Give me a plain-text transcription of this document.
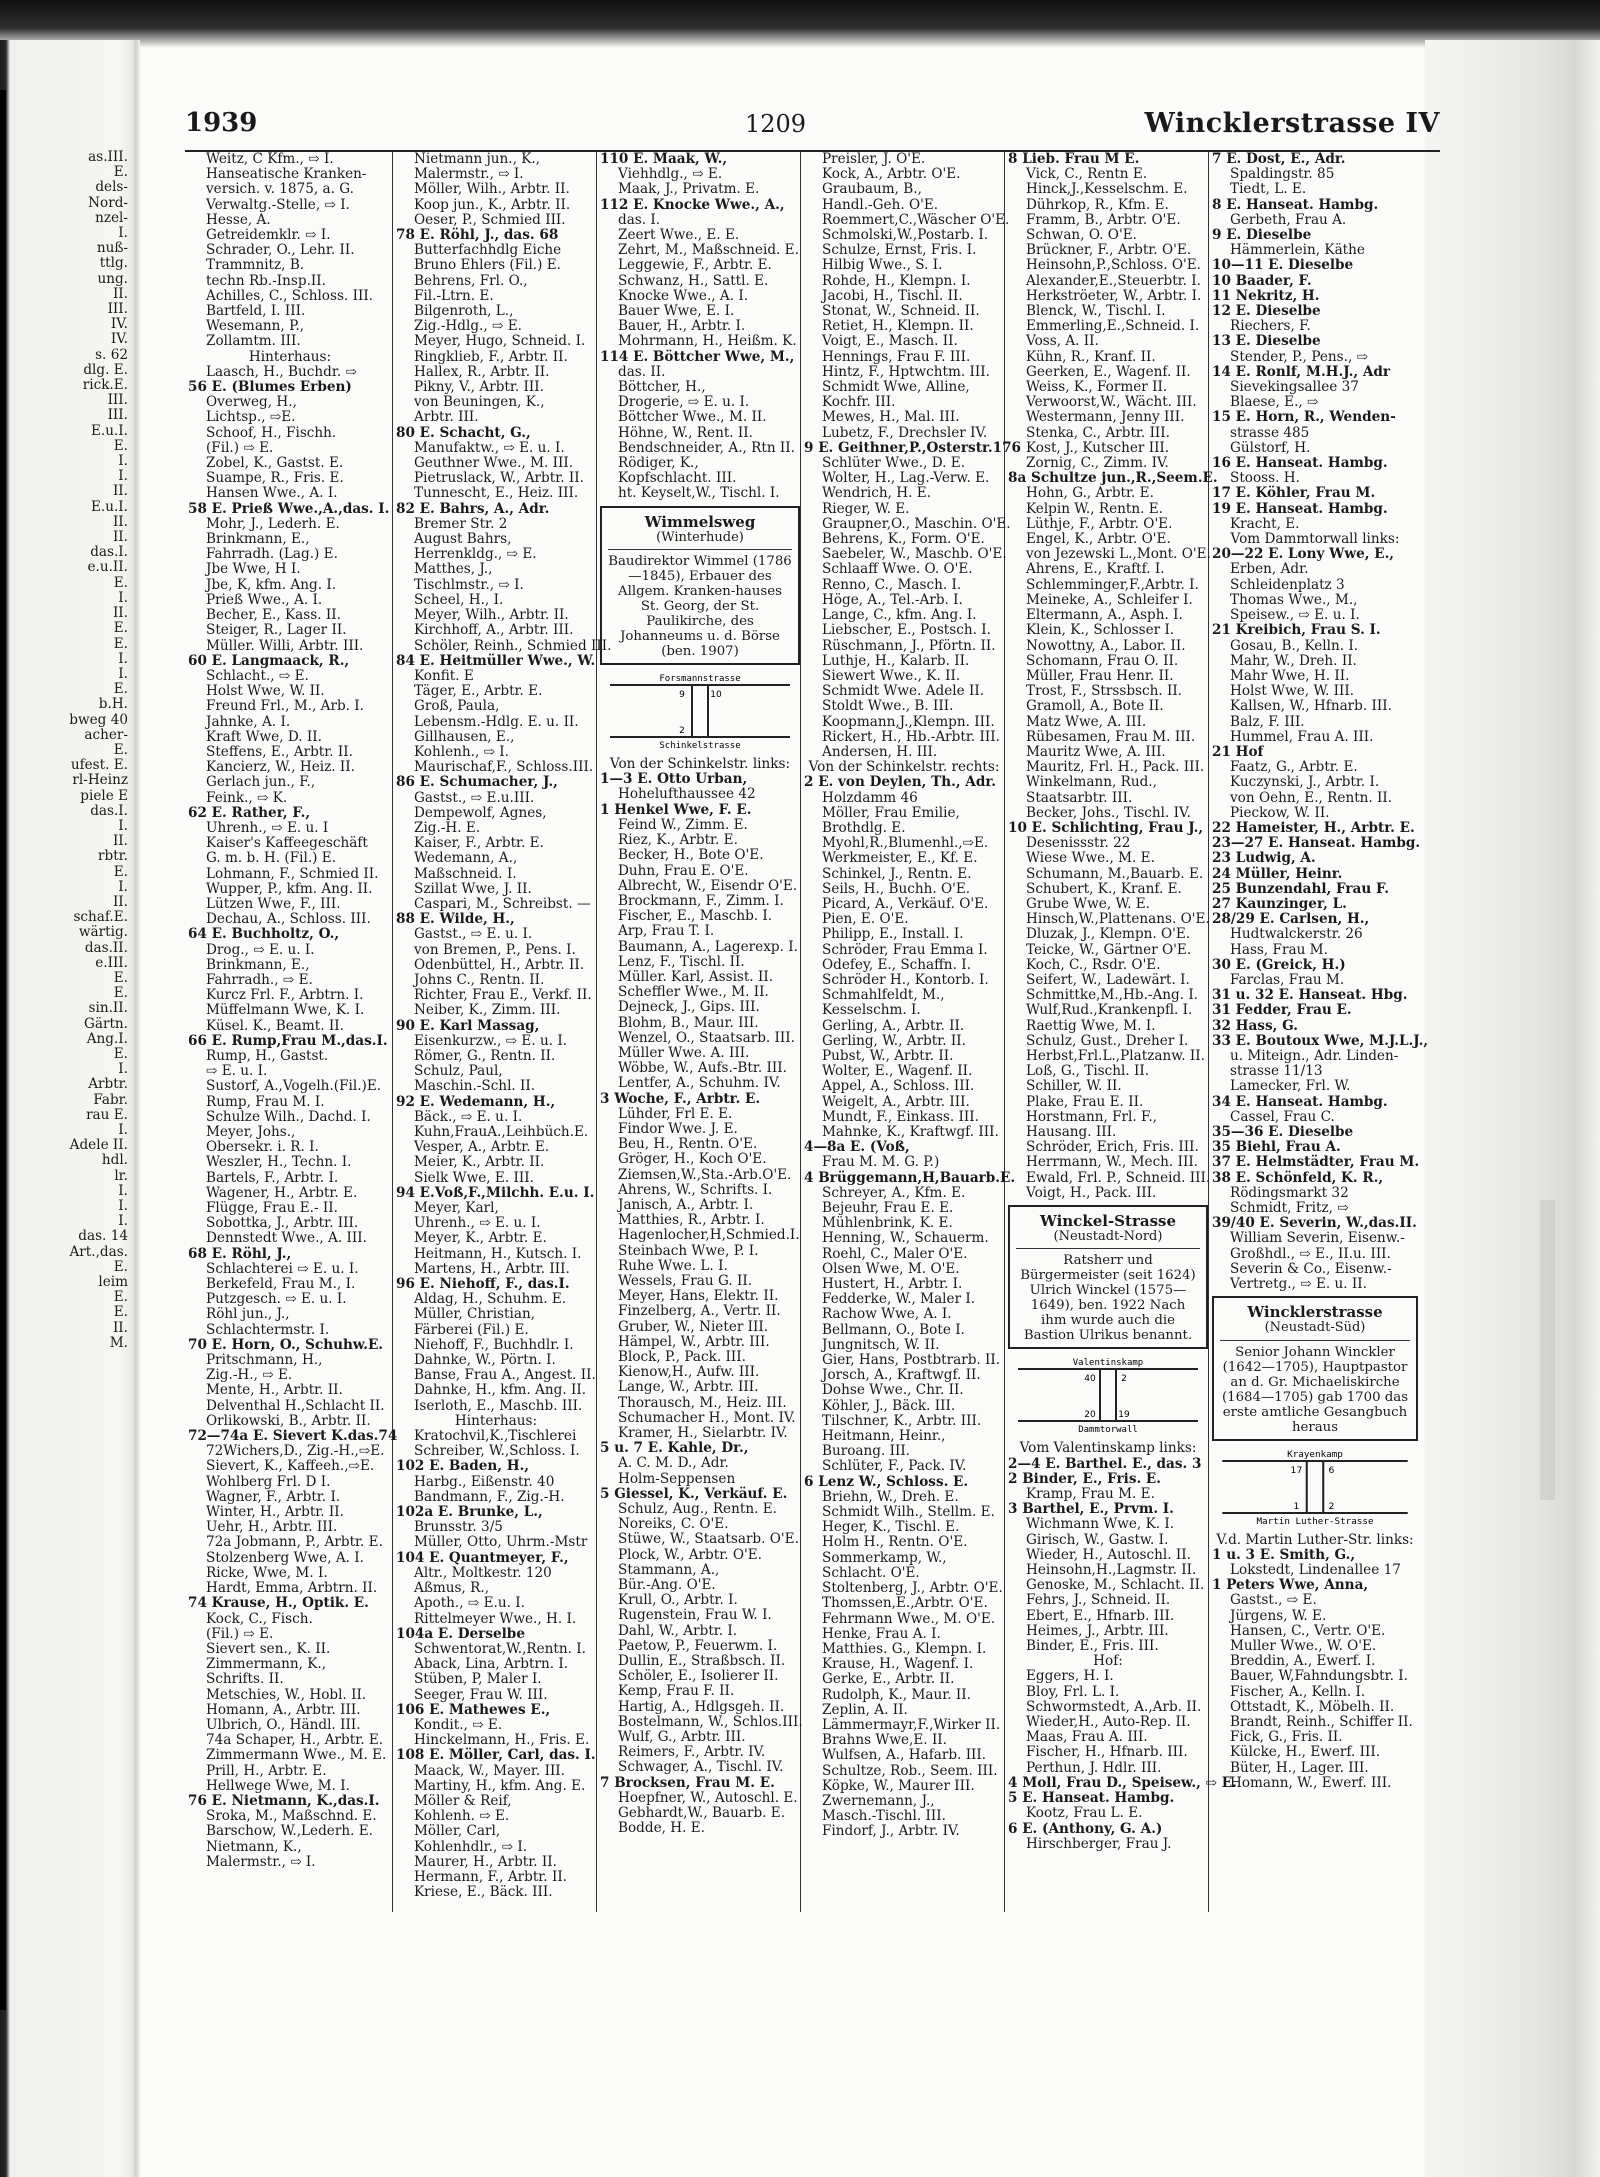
as.III.
E.
dels-
Nord-
nzel-
I.
nuß-
ttlg.
ung.
II.
III.
IV.
IV.
s. 62
dlg. E.
rick.E.
III.
III.
E.u.I.
E.
I.
I.
II.
E.u.I.
II.
II.
das.I.
e.u.II.
E.
I.
II.
E.
E.
I.
I.
E.
b.H.
bweg 40
acher-
E.
ufest. E.
rl-Heinz
piele E
das.I.
I.
II.
rbtr.
E.
I.
II.
schaf.E.
wärtig.
das.II.
e.III.
E.
E.
sin.II.
Gärtn.
Ang.I.
E.
I.
Arbtr.
Fabr.
rau E.
I.
Adele II.
hdl.
lr.
I.
I.
I.
das. 14
Art.,das.
E.
leim
E.
E.
II.
M.
1939	1209	Wincklerstrasse IV
Weitz, C Kfm., ⇨ I.
Hanseatische Kranken-
versich. v. 1875, a. G.
Verwaltg.-Stelle, ⇨ I.
Hesse, A.
Getreidemklr. ⇨ I.
Schrader, O., Lehr. II.
Trammnitz, B.
techn Rb.-Insp.II.
Achilles, C., Schloss. III.
Bartfeld, I. III.
Wesemann, P.,
Zollamtm. III.
Hinterhaus:
Laasch, H., Buchdr. ⇨
56 E. (Blumes Erben)
Overweg, H.,
Lichtsp., ⇨E.
Schoof, H., Fischh.
(Fil.) ⇨ E.
Zobel, K., Gastst. E.
Suampe, R., Fris. E.
Hansen Wwe., A. I.
58 E. Prieß Wwe.,A.,das. I.
Mohr, J., Lederh. E.
Brinkmann, E.,
Fahrradh. (Lag.) E.
Jbe Wwe, H I.
Jbe, K, kfm. Ang. I.
Prieß Wwe., A. I.
Becher, E., Kass. II.
Steiger, R., Lager II.
Müller. Willi, Arbtr. III.
60 E. Langmaack, R.,
Schlacht., ⇨ E.
Holst Wwe, W. II.
Freund Frl., M., Arb. I.
Jahnke, A. I.
Kraft Wwe, D. II.
Steffens, E., Arbtr. II.
Kancierz, W., Heiz. II.
Gerlach jun., F.,
Feink., ⇨ K.
62 E. Rather, F.,
Uhrenh., ⇨ E. u. I
Kaiser's Kaffeegeschäft
G. m. b. H. (Fil.) E.
Lohmann, F., Schmied II.
Wupper, P., kfm. Ang. II.
Lützen Wwe, F., III.
Dechau, A., Schloss. III.
64 E. Buchholtz, O.,
Drog., ⇨ E. u. I.
Brinkmann, E.,
Fahrradh., ⇨ E.
Kurcz Frl. F., Arbtrn. I.
Müffelmann Wwe, K. I.
Küsel. K., Beamt. II.
66 E. Rump,Frau M.,das.I.
Rump, H., Gastst.
⇨ E. u. I.
Sustorf, A.,Vogelh.(Fil.)E.
Rump, Frau M. I.
Schulze Wilh., Dachd. I.
Meyer, Johs.,
Obersekr. i. R. I.
Weszler, H., Techn. I.
Bartels, F., Arbtr. I.
Wagener, H., Arbtr. E.
Flügge, Frau E.- II.
Sobottka, J., Arbtr. III.
Dennstedt Wwe., A. III.
68 E. Röhl, J.,
Schlachterei ⇨ E. u. I.
Berkefeld, Frau M., I.
Putzgesch. ⇨ E. u. I.
Röhl jun., J.,
Schlachtermstr. I.
70 E. Horn, O., Schuhw.E.
Pritschmann, H.,
Zig.-H., ⇨ E.
Mente, H., Arbtr. II.
Delventhal H.,Schlacht II.
Orlikowski, B., Arbtr. II.
72—74a E. Sievert K.das.74
72Wichers,D., Zig.-H.,⇨E.
Sievert, K., Kaffeeh.,⇨E.
Wohlberg Frl. D I.
Wagner, F., Arbtr. I.
Winter, H., Arbtr. II.
Uehr, H., Arbtr. III.
72a Jobmann, P., Arbtr. E.
Stolzenberg Wwe, A. I.
Ricke, Wwe, M. I.
Hardt, Emma, Arbtrn. II.
74 Krause, H., Optik. E.
Kock, C., Fisch.
(Fil.) ⇨ E.
Sievert sen., K. II.
Zimmermann, K.,
Schrifts. II.
Metschies, W., Hobl. II.
Homann, A., Arbtr. III.
Ulbrich, O., Händl. III.
74a Schaper, H., Arbtr. E.
Zimmermann Wwe., M. E.
Prill, H., Arbtr. E.
Hellwege Wwe, M. I.
76 E. Nietmann, K.,das.I.
Sroka, M., Maßschnd. E.
Barschow, W.,Lederh. E.
Nietmann, K.,
Malermstr., ⇨ I.
Nietmann jun., K.,
Malermstr., ⇨ I.
Möller, Wilh., Arbtr. II.
Koop jun., K., Arbtr. II.
Oeser, P., Schmied III.
78 E. Röhl, J., das. 68
Butterfachhdlg Eiche
Bruno Ehlers (Fil.) E.
Behrens, Frl. O.,
Fil.-Ltrn. E.
Bilgenroth, L.,
Zig.-Hdlg., ⇨ E.
Meyer, Hugo, Schneid. I.
Ringklieb, F., Arbtr. II.
Hallex, R., Arbtr. II.
Pikny, V., Arbtr. III.
von Beuningen, K.,
Arbtr. III.
80 E. Schacht, G.,
Manufaktw., ⇨ E. u. I.
Geuthner Wwe., M. III.
Pietruslack, W., Arbtr. II.
Tunnescht, E., Heiz. III.
82 E. Bahrs, A., Adr.
Bremer Str. 2
August Bahrs,
Herrenkldg., ⇨ E.
Matthes, J.,
Tischlmstr., ⇨ I.
Scheel, H., I.
Meyer, Wilh., Arbtr. II.
Kirchhoff, A., Arbtr. III.
Schöler, Reinh., Schmied III.
84 E. Heitmüller Wwe., W.
Konfit. E
Täger, E., Arbtr. E.
Groß, Paula,
Lebensm.-Hdlg. E. u. II.
Gillhausen, E.,
Kohlenh., ⇨ I.
Maurischaf,F., Schloss.III.
86 E. Schumacher, J.,
Gastst., ⇨ E.u.III.
Dempewolf, Agnes,
Zig.-H. E.
Kaiser, F., Arbtr. E.
Wedemann, A.,
Maßschneid. I.
Szillat Wwe, J. II.
Caspari, M., Schreibst. —
88 E. Wilde, H.,
Gastst., ⇨ E. u. I.
von Bremen, P., Pens. I.
Odenbüttel, H., Arbtr. II.
Johns C., Rentn. II.
Richter, Frau E., Verkf. II.
Neiber, K., Zimm. III.
90 E. Karl Massag,
Eisenkurzw., ⇨ E. u. I.
Römer, G., Rentn. II.
Schulz, Paul,
Maschin.-Schl. II.
92 E. Wedemann, H.,
Bäck., ⇨ E. u. I.
Kuhn,FrauA.,Leihbüch.E.
Vesper, A., Arbtr. E.
Meier, K., Arbtr. II.
Sielk Wwe, E. III.
94 E.Voß,F.,Milchh. E.u. I.
Meyer, Karl,
Uhrenh., ⇨ E. u. I.
Meyer, K., Arbtr. E.
Heitmann, H., Kutsch. I.
Martens, H., Arbtr. III.
96 E. Niehoff, F., das.I.
Aldag, H., Schuhm. E.
Müller, Christian,
Färberei (Fil.) E.
Niehoff, F., Buchhdlr. I.
Dahnke, W., Pörtn. I.
Banse, Frau A., Angest. II.
Dahnke, H., kfm. Ang. II.
Iserloth, E., Maschb. III.
Hinterhaus:
Kratochvil,K.,Tischlerei
Schreiber, W.,Schloss. I.
102 E. Baden, H.,
Harbg., Eißenstr. 40
Bandmann, F., Zig.-H.
102a E. Brunke, L.,
Brunsstr. 3/5
Müller, Otto, Uhrm.-Mstr
104 E. Quantmeyer, F.,
Altr., Moltkestr. 120
Aßmus, R.,
Apoth., ⇨ E.u. I.
Rittelmeyer Wwe., H. I.
104a E. Derselbe
Schwentorat,W.,Rentn. I.
Aback, Lina, Arbtrn. I.
Stüben, P, Maler I.
Seeger, Frau W. III.
106 E. Mathewes E.,
Kondit., ⇨ E.
Hinckelmann, H., Fris. E.
108 E. Möller, Carl, das. I.
Maack, W., Mayer. III.
Martiny, H., kfm. Ang. E.
Möller & Reif,
Kohlenh. ⇨ E.
Möller, Carl,
Kohlenhdlr., ⇨ I.
Maurer, H., Arbtr. II.
Hermann, F., Arbtr. II.
Kriese, E., Bäck. III.
110 E. Maak, W.,
Viehhdlg., ⇨ E.
Maak, J., Privatm. E.
112 E. Knocke Wwe., A.,
das. I.
Zeert Wwe., E. E.
Zehrt, M., Maßschneid. E.
Leggewie, F., Arbtr. E.
Schwanz, H., Sattl. E.
Knocke Wwe., A. I.
Bauer Wwe, E. I.
Bauer, H., Arbtr. I.
Mohrmann, H., Heißm. K.
114 E. Böttcher Wwe, M.,
das. II.
Böttcher, H.,
Drogerie, ⇨ E. u. I.
Böttcher Wwe., M. II.
Höhne, W., Rent. II.
Bendschneider, A., Rtn II.
Rödiger, K.,
Kopfschlacht. III.
ht. Keyselt,W., Tischl. I.
Wimmelsweg
(Winterhude)
Baudirektor Wimmel (1786—1845), Erbauer des Allgem. Kranken-hauses St. Georg, der St. Paulikirche, des Johanneums u. d. Börse (ben. 1907)
Forsmannstrasse
Schinkelstrasse
9	10
2
Von der Schinkelstr. links:
1—3 E. Otto Urban,
Hohelufthaussee 42
1 Henkel Wwe, F. E.
Feind W., Zimm. E.
Riez, K., Arbtr. E.
Becker, H., Bote O'E.
Duhn, Frau E. O'E.
Albrecht, W., Eisendr O'E.
Brockmann, F., Zimm. I.
Fischer, E., Maschb. I.
Arp, Frau T. I.
Baumann, A., Lagerexp. I.
Lenz, F., Tischl. II.
Müller. Karl, Assist. II.
Scheffler Wwe., M. II.
Dejneck, J., Gips. III.
Blohm, B., Maur. III.
Wenzel, O., Staatsarb. III.
Müller Wwe. A. III.
Wöbbe, W., Aufs.-Btr. III.
Lentfer, A., Schuhm. IV.
3 Woche, F., Arbtr. E.
Lühder, Frl E. E.
Findor Wwe. J. E.
Beu, H., Rentn. O'E.
Gröger, H., Koch O'E.
Ziemsen,W.,Sta.-Arb.O'E.
Ahrens, W., Schrifts. I.
Janisch, A., Arbtr. I.
Matthies, R., Arbtr. I.
Hagenlocher,H,Schmied.I.
Steinbach Wwe, P. I.
Ruhe Wwe. L. I.
Wessels, Frau G. II.
Meyer, Hans, Elektr. II.
Finzelberg, A., Vertr. II.
Gruber, W., Nieter III.
Hämpel, W., Arbtr. III.
Block, P., Pack. III.
Kienow,H., Aufw. III.
Lange, W., Arbtr. III.
Thorausch, M., Heiz. III.
Schumacher H., Mont. IV.
Kramer, H., Sielarbtr. IV.
5 u. 7 E. Kahle, Dr.,
A. C. M. D., Adr.
Holm-Seppensen
5 Giessel, K., Verkäuf. E.
Schulz, Aug., Rentn. E.
Noreiks, C. O'E.
Stüwe, W., Staatsarb. O'E.
Plock, W., Arbtr. O'E.
Stammann, A.,
Bür.-Ang. O'E.
Krull, O., Arbtr. I.
Rugenstein, Frau W. I.
Dahl, W., Arbtr. I.
Paetow, P., Feuerwm. I.
Dullin, E., Straßbsch. II.
Schöler, E., Isolierer II.
Kemp, Frau F. II.
Hartig, A., Hdlgsgeh. II.
Bostelmann, W., Schlos.III.
Wulf, G., Arbtr. III.
Reimers, F., Arbtr. IV.
Schwager, A., Tischl. IV.
7 Brocksen, Frau M. E.
Hoepfner, W., Autoschl. E.
Gebhardt,W., Bauarb. E.
Bodde, H. E.
Preisler, J. O'E.
Kock, A., Arbtr. O'E.
Graubaum, B.,
Handl.-Geh. O'E.
Roemmert,C.,Wäscher O'E.
Schmolski,W.,Postarb. I.
Schulze, Ernst, Fris. I.
Hilbig Wwe., S. I.
Rohde, H., Klempn. I.
Jacobi, H., Tischl. II.
Stonat, W., Schneid. II.
Retiet, H., Klempn. II.
Voigt, E., Masch. II.
Hennings, Frau F. III.
Hintz, F., Hptwchtm. III.
Schmidt Wwe, Alline,
Kochfr. III.
Mewes, H., Mal. III.
Lubetz, F., Drechsler IV.
9 E. Geithner,P.,Osterstr.176
Schlüter Wwe., D. E.
Wolter, H., Lag.-Verw. E.
Wendrich, H. E.
Rieger, W. E.
Graupner,O., Maschin. O'E.
Behrens, K., Form. O'E.
Saebeler, W., Maschb. O'E.
Schlaaff Wwe. O. O'E.
Renno, C., Masch. I.
Höge, A., Tel.-Arb. I.
Lange, C., kfm. Ang. I.
Liebscher, E., Postsch. I.
Rüschmann, J., Pförtn. II.
Luthje, H., Kalarb. II.
Siewert Wwe., K. II.
Schmidt Wwe. Adele II.
Stoldt Wwe., B. III.
Koopmann,J.,Klempn. III.
Rickert, H., Hb.-Arbtr. III.
Andersen, H. III.
Von der Schinkelstr. rechts:
2 E. von Deylen, Th., Adr.
Holzdamm 46
Möller, Frau Emilie,
Brothdlg. E.
Myohl,R.,Blumenhl.,⇨E.
Werkmeister, E., Kf. E.
Schinkel, J., Rentn. E.
Seils, H., Buchh. O'E.
Picard, A., Verkäuf. O'E.
Pien, E. O'E.
Philipp, E., Install. I.
Schröder, Frau Emma I.
Odefey, E., Schaffn. I.
Schröder H., Kontorb. I.
Schmahlfeldt, M.,
Kesselschm. I.
Gerling, A., Arbtr. II.
Gerling, W., Arbtr. II.
Pubst, W., Arbtr. II.
Wolter, E., Wagenf. II.
Appel, A., Schloss. III.
Weigelt, A., Arbtr. III.
Mundt, F., Einkass. III.
Mahnke, K., Kraftwgf. III.
4—8a E. (Voß,
Frau M. M. G. P.)
4 Brüggemann,H,Bauarb.E.
Schreyer, A., Kfm. E.
Bejeuhr, Frau E. E.
Mühlenbrink, K. E.
Henning, W., Schauerm.
Roehl, C., Maler O'E.
Olsen Wwe, M. O'E.
Hustert, H., Arbtr. I.
Fedderke, W., Maler I.
Rachow Wwe, A. I.
Bellmann, O., Bote I.
Jungnitsch, W. II.
Gier, Hans, Postbtrarb. II.
Jorsch, A., Kraftwgf. II.
Dohse Wwe., Chr. II.
Köhler, J., Bäck. III.
Tilschner, K., Arbtr. III.
Heitmann, Heinr.,
Buroang. III.
Schlüter, F., Pack. IV.
6 Lenz W., Schloss. E.
Briehn, W., Dreh. E.
Schmidt Wilh., Stellm. E.
Heger, K., Tischl. E.
Holm H., Rentn. O'E.
Sommerkamp, W.,
Schlacht. O'E.
Stoltenberg, J., Arbtr. O'E.
Thomssen,E.,Arbtr. O'E.
Fehrmann Wwe., M. O'E.
Henke, Frau A. I.
Matthies. G., Klempn. I.
Krause, H., Wagenf. I.
Gerke, E., Arbtr. II.
Rudolph, K., Maur. II.
Zeplin, A. II.
Lämmermayr,F.,Wirker II.
Brahns Wwe,E. II.
Wulfsen, A., Hafarb. III.
Schultze, Rob., Seem. III.
Köpke, W., Maurer III.
Zwernemann, J.,
Masch.-Tischl. III.
Findorf, J., Arbtr. IV.
8 Lieb. Frau M E.
Vick, C., Rentn E.
Hinck,J.,Kesselschm. E.
Dührkop, R., Kfm. E.
Framm, B., Arbtr. O'E.
Schwan, O. O'E.
Brückner, F., Arbtr. O'E.
Heinsohn,P.,Schloss. O'E.
Alexander,E.,Steuerbtr. I.
Herkströeter, W., Arbtr. I.
Blenck, W., Tischl. I.
Emmerling,E.,Schneid. I.
Voss, A. II.
Kühn, R., Kranf. II.
Geerken, E., Wagenf. II.
Weiss, K., Former II.
Verwoorst,W., Wächt. III.
Westermann, Jenny III.
Stenka, C., Arbtr. III.
Kost, J., Kutscher III.
Zornig, C., Zimm. IV.
8a Schultze jun.,R.,Seem.E.
Hohn, G., Arbtr. E.
Kelpin W., Rentn. E.
Lüthje, F., Arbtr. O'E.
Engel, K., Arbtr. O'E.
von Jezewski L.,Mont. O'E.
Ahrens, E., Kraftf. I.
Schlemminger,F.,Arbtr. I.
Meineke, A., Schleifer I.
Eltermann, A., Asph. I.
Klein, K., Schlosser I.
Nowottny, A., Labor. II.
Schomann, Frau O. II.
Müller, Frau Henr. II.
Trost, F., Strssbsch. II.
Gramoll, A., Bote II.
Matz Wwe, A. III.
Rübesamen, Frau M. III.
Mauritz Wwe, A. III.
Mauritz, Frl. H., Pack. III.
Winkelmann, Rud.,
Staatsarbtr. III.
Becker, Johs., Tischl. IV.
10 E. Schlichting, Frau J.,
Desenissstr. 22
Wiese Wwe., M. E.
Schumann, M.,Bauarb. E.
Schubert, K., Kranf. E.
Grube Wwe, W. E.
Hinsch,W.,Plattenans. O'E.
Dluzak, J., Klempn. O'E.
Teicke, W., Gärtner O'E.
Koch, C., Rsdr. O'E.
Seifert, W., Ladewärt. I.
Schmittke,M.,Hb.-Ang. I.
Wulf,Rud.,Krankenpfl. I.
Raettig Wwe, M. I.
Schulz, Gust., Dreher I.
Herbst,Frl.L.,Platzanw. II.
Loß, G., Tischl. II.
Schiller, W. II.
Plake, Frau E. II.
Horstmann, Frl. F.,
Hausang. III.
Schröder, Erich, Fris. III.
Herrmann, W., Mech. III.
Ewald, Frl. P., Schneid. III.
Voigt, H., Pack. III.
Winckel-Strasse
(Neustadt-Nord)
Ratsherr und Bürgermeister (seit 1624) Ulrich Winckel (1575—1649), ben. 1922 Nach ihm wurde auch die Bastion Ulrikus benannt.
Valentinskamp
Dammtorwall
40	2
20	19
Vom Valentinskamp links:
2—4 E. Barthel. E., das. 3
2 Binder, E., Fris. E.
Kramp, Frau M. E.
3 Barthel, E., Prvm. I.
Wichmann Wwe, K. I.
Girisch, W., Gastw. I.
Wieder, H., Autoschl. II.
Heinsohn,H.,Lagmstr. II.
Genoske, M., Schlacht. II.
Fehrs, J., Schneid. II.
Ebert, E., Hfnarb. III.
Heimes, J., Arbtr. III.
Binder, E., Fris. III.
Hof:
Eggers, H. I.
Bloy, Frl. L. I.
Schwormstedt, A.,Arb. II.
Wieder,H., Auto-Rep. II.
Maas, Frau A. III.
Fischer, H., Hfnarb. III.
Perthun, J. Hdlr. III.
4 Moll, Frau D., Speisew., ⇨ E.
5 E. Hanseat. Hambg.
Kootz, Frau L. E.
6 E. (Anthony, G. A.)
Hirschberger, Frau J.
7 E. Dost, E., Adr.
Spaldingstr. 85
Tiedt, L. E.
8 E. Hanseat. Hambg.
Gerbeth, Frau A.
9 E. Dieselbe
Hämmerlein, Käthe
10—11 E. Dieselbe
10 Baader, F.
11 Nekritz, H.
12 E. Dieselbe
Riechers, F.
13 E. Dieselbe
Stender, P., Pens., ⇨
14 E. Ronlf, M.H.J., Adr
Sievekingsallee 37
Blaese, E., ⇨
15 E. Horn, R., Wenden-
strasse 485
Gülstorf, H.
16 E. Hanseat. Hambg.
Stooss. H.
17 E. Köhler, Frau M.
19 E. Hanseat. Hambg.
Kracht, E.
Vom Dammtorwall links:
20—22 E. Lony Wwe, E.,
Erben, Adr.
Schleidenplatz 3
Thomas Wwe., M.,
Speisew., ⇨ E. u. I.
21 Kreibich, Frau S. I.
Gosau, B., Kelln. I.
Mahr, W., Dreh. II.
Mahr Wwe, H. II.
Holst Wwe, W. III.
Kallsen, W., Hfnarb. III.
Balz, F. III.
Hummel, Frau A. III.
21 Hof
Faatz, G., Arbtr. E.
Kuczynski, J., Arbtr. I.
von Oehn, E., Rentn. II.
Pieckow, W. II.
22 Hameister, H., Arbtr. E.
23—27 E. Hanseat. Hambg.
23 Ludwig, A.
24 Müller, Heinr.
25 Bunzendahl, Frau F.
27 Kaunzinger, L.
28/29 E. Carlsen, H.,
Hudtwalckerstr. 26
Hass, Frau M.
30 E. (Greick, H.)
Farclas, Frau M.
31 u. 32 E. Hanseat. Hbg.
31 Fedder, Frau E.
32 Hass, G.
33 E. Boutoux Wwe, M.J.L.J.,
u. Miteign., Adr. Linden-
strasse 11/13
Lamecker, Frl. W.
34 E. Hanseat. Hambg.
Cassel, Frau C.
35—36 E. Dieselbe
35 Biehl, Frau A.
37 E. Helmstädter, Frau M.
38 E. Schönfeld, K. R.,
Rödingsmarkt 32
Schmidt, Fritz, ⇨
39/40 E. Severin, W.,das.II.
William Severin, Eisenw.-
Großhdl., ⇨ E., II.u. III.
Severin & Co., Eisenw.-
Vertretg., ⇨ E. u. II.
Wincklerstrasse
(Neustadt-Süd)
Senior Johann Winckler (1642—1705), Hauptpastor an d. Gr. Michaeliskirche (1684—1705) gab 1700 das erste amtliche Gesangbuch heraus
Krayenkamp
Martin Luther-Strasse
17	6
1	2
V.d. Martin Luther-Str. links:
1 u. 3 E. Smith, G.,
Lokstedt, Lindenallee 17
1 Peters Wwe, Anna,
Gastst., ⇨ E.
Jürgens, W. E.
Hansen, C., Vertr. O'E.
Muller Wwe., W. O'E.
Breddin, A., Ewerf. I.
Bauer, W,Fahndungsbtr. I.
Fischer, A., Kelln. I.
Ottstadt, K., Möbelh. II.
Brandt, Reinh., Schiffer II.
Fick, G., Fris. II.
Külcke, H., Ewerf. III.
Büter, H., Lager. III.
Homann, W., Ewerf. III.
